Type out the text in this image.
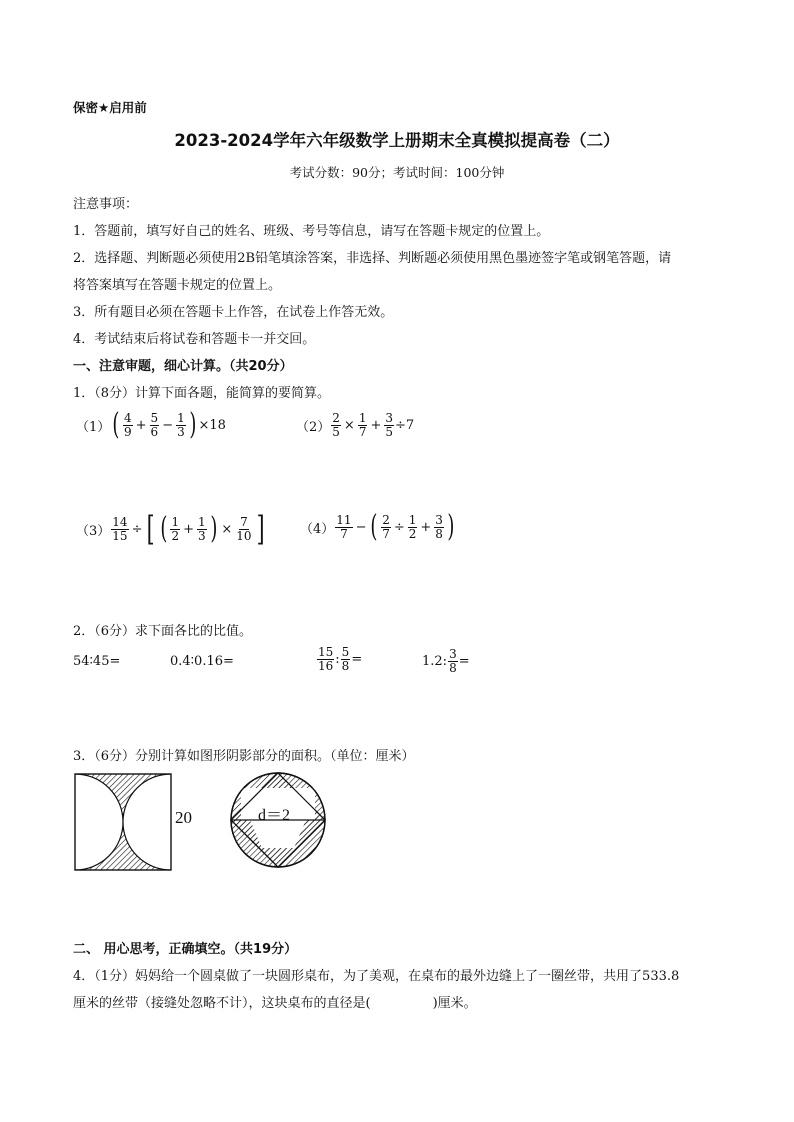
保密★启用前
2023-2024学年六年级数学上册期末全真模拟提高卷（二）
考试分数：90分；考试时间：100分钟
注意事项：
1．答题前，填写好自己的姓名、班级、考号等信息，请写在答题卡规定的位置上。
2．选择题、判断题必须使用2B铅笔填涂答案，非选择、判断题必须使用黑色墨迹签字笔或钢笔答题，请
将答案填写在答题卡规定的位置上。
3．所有题目必须在答题卡上作答，在试卷上作答无效。
4．考试结束后将试卷和答题卡一并交回。
一、注意审题，细心计算。（共20分）
1．（8分）计算下面各题，能简算的要简算。
（1） ( $\frac{4}{9} + \frac{5}{6} - \frac{1}{3}$ ) ×18	$(2) \frac{2}{5} \times \frac{1}{7} + \frac{3}{5} \div 7$
$(3) \frac{14}{15}$ ÷ [ ( $\frac{1}{2} + \frac{1}{3}$ ) × $\frac{7}{10}$ ]	$(4) \frac{11}{7}$ − ( $\frac{2}{7} \div \frac{1}{2} + \frac{3}{8}$ )
2．（6分）求下面各比的比值。
54∶45=	0.4∶0.16=	$\frac{15}{16}$ : $\frac{5}{8}$ =	1.2: $\frac{3}{8}$ =
3．（6分）分别计算如图形阴影部分的面积。（单位：厘米）
20	d＝2
二、 用心思考，正确填空。（共19分）
4．（1分）妈妈给一个圆桌做了一块圆形桌布，为了美观，在桌布的最外边缝上了一圈丝带，共用了533.8
厘米的丝带（接缝处忽略不计），这块桌布的直径是(	)厘米。
